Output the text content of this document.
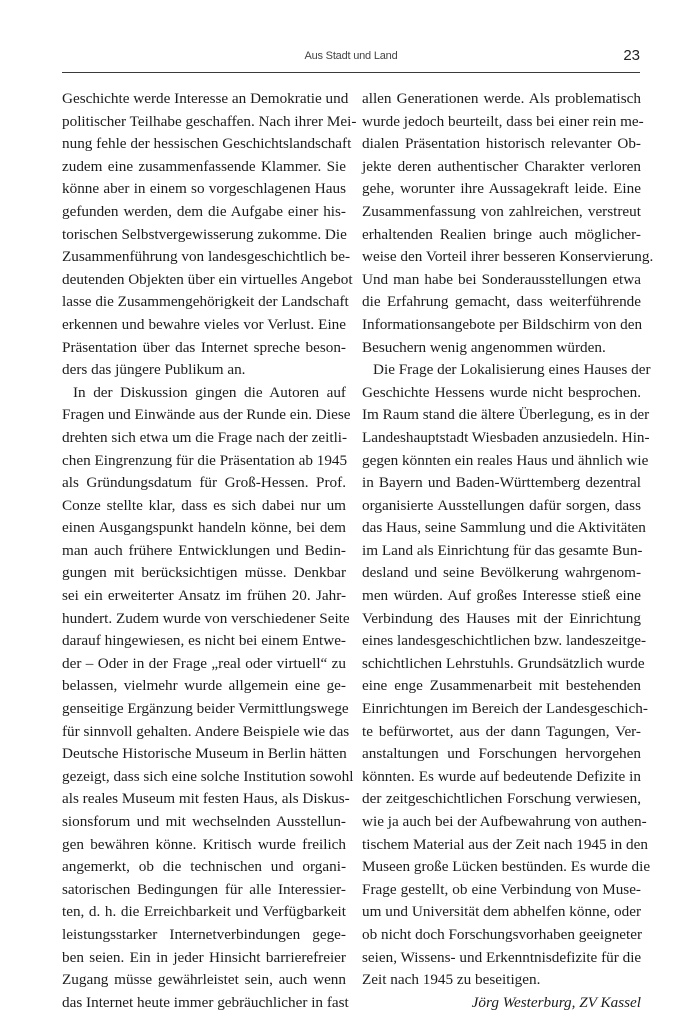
Aus Stadt und Land	23
Geschichte werde Interesse an Demokratie und
politischer Teilhabe geschaffen. Nach ihrer Mei-
nung fehle der hessischen Geschichtslandschaft
zudem eine zusammenfassende Klammer. Sie
könne aber in einem so vorgeschlagenen Haus
gefunden werden, dem die Aufgabe einer his-
torischen Selbstvergewisserung zukomme. Die
Zusammenführung von landesgeschichtlich be-
deutenden Objekten über ein virtuelles Angebot
lasse die Zusammengehörigkeit der Landschaft
erkennen und bewahre vieles vor Verlust. Eine
Präsentation über das Internet spreche beson-
ders das jüngere Publikum an.
In der Diskussion gingen die Autoren auf
Fragen und Einwände aus der Runde ein. Diese
drehten sich etwa um die Frage nach der zeitli-
chen Eingrenzung für die Präsentation ab 1945
als Gründungsdatum für Groß-Hessen. Prof.
Conze stellte klar, dass es sich dabei nur um
einen Ausgangspunkt handeln könne, bei dem
man auch frühere Entwicklungen und Bedin-
gungen mit berücksichtigen müsse. Denkbar
sei ein erweiterter Ansatz im frühen 20. Jahr-
hundert. Zudem wurde von verschiedener Seite
darauf hingewiesen, es nicht bei einem Entwe-
der – Oder in der Frage „real oder virtuell“ zu
belassen, vielmehr wurde allgemein eine ge-
genseitige Ergänzung beider Vermittlungswege
für sinnvoll gehalten. Andere Beispiele wie das
Deutsche Historische Museum in Berlin hätten
gezeigt, dass sich eine solche Institution sowohl
als reales Museum mit festen Haus, als Diskus-
sionsforum und mit wechselnden Ausstellun-
gen bewähren könne. Kritisch wurde freilich
angemerkt, ob die technischen und organi-
satorischen Bedingungen für alle Interessier-
ten, d. h. die Erreichbarkeit und Verfügbarkeit
leistungsstarker Internetverbindungen gege-
ben seien. Ein in jeder Hinsicht barrierefreier
Zugang müsse gewährleistet sein, auch wenn
das Internet heute immer gebräuchlicher in fast
allen Generationen werde. Als problematisch
wurde jedoch beurteilt, dass bei einer rein me-
dialen Präsentation historisch relevanter Ob-
jekte deren authentischer Charakter verloren
gehe, worunter ihre Aussagekraft leide. Eine
Zusammenfassung von zahlreichen, verstreut
erhaltenden Realien bringe auch möglicher-
weise den Vorteil ihrer besseren Konservierung.
Und man habe bei Sonderausstellungen etwa
die Erfahrung gemacht, dass weiterführende
Informationsangebote per Bildschirm von den
Besuchern wenig angenommen würden.
Die Frage der Lokalisierung eines Hauses der
Geschichte Hessens wurde nicht besprochen.
Im Raum stand die ältere Überlegung, es in der
Landeshauptstadt Wiesbaden anzusiedeln. Hin-
gegen könnten ein reales Haus und ähnlich wie
in Bayern und Baden-Württemberg dezentral
organisierte Ausstellungen dafür sorgen, dass
das Haus, seine Sammlung und die Aktivitäten
im Land als Einrichtung für das gesamte Bun-
desland und seine Bevölkerung wahrgenom-
men würden. Auf großes Interesse stieß eine
Verbindung des Hauses mit der Einrichtung
eines landesgeschichtlichen bzw. landeszeitge-
schichtlichen Lehrstuhls. Grundsätzlich wurde
eine enge Zusammenarbeit mit bestehenden
Einrichtungen im Bereich der Landesgeschich-
te befürwortet, aus der dann Tagungen, Ver-
anstaltungen und Forschungen hervorgehen
könnten. Es wurde auf bedeutende Defizite in
der zeitgeschichtlichen Forschung verwiesen,
wie ja auch bei der Aufbewahrung von authen-
tischem Material aus der Zeit nach 1945 in den
Museen große Lücken bestünden. Es wurde die
Frage gestellt, ob eine Verbindung von Muse-
um und Universität dem abhelfen könne, oder
ob nicht doch Forschungsvorhaben geeigneter
seien, Wissens- und Erkenntnisdefizite für die
Zeit nach 1945 zu beseitigen.
Jörg Westerburg, ZV Kassel
